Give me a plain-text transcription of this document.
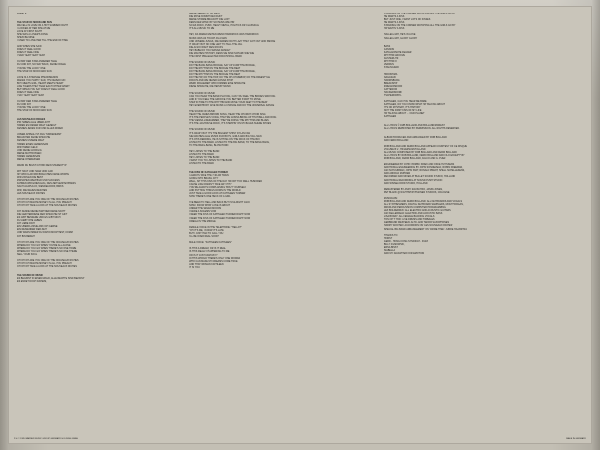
SIDE 2

THE STAR OF MOON AND SUN

WE FELL IN LOVE ON A HOT SUMMER NIGHT

I LOOKED AT HER SHE AT ME

LOVE AT FIRST SIGHT

SHE WAS A LOVER'S DOVE

SHE'D BE MINE

I USED TO LOVE HER TILL THE END OF TIME

AND WHEN SHE SAID

DOES IT FEEL GOOD

DOES IT FEEL FINE

I SAID YEAH YEAH YEAH

OU BAT DER STAR ANDERER TAGE

DU UND ICH, NO WAY BACK, KEINE FRAGE

YOU'RE THE LUCKY ONE

THE STAR OF MOON AND SUN

LOVE IS A STRANGE PHENOMENON

MAKES YOU HAPPY, SAD, IT'S NEVER FUN

BOY MEETS GIRL, HEART MEETS HEART

LIKE TIGERS THEY TEAR EACH OTHER APART

BUT WHEN YOU SAY DOES IT FEEL GOOD

DOES IT FEEL FINE

I SAY YEAH YEAH YEAH

OU BAT DER STAR ANDERER TAGE

DU UND ICH

YOU'RE THE LUCKY ONE

THE STAR OF MOON AND SUN

LES NOUVEAUX RICHES

IHR HABEN ALLE UBERLICHT

HABEN ES DIESER WELT GEZEIGT

KENNEN JEDES FUR UND ALLES WIDER

UNSER APPEAL IST ANG TURDENEDST

BRAUCHEN KEINE SPRACHE

KENNEN UNSERE WELT

HABEN EINEN GEMEINSAM

WIR HABEN GELD

UND DEINE GOODLIG

MEINE MATTROSSEN

HABEN GEMEINSAM

MEINE INTERESSEN

WENN DU BIGST ICH BIN DEIN STEREOTYP

WIT HAUT UND HAAR UND CAR

IST WIR KLAR WIR BRAUCHEN KEINE WORTE

WIR ZAHLEN DIE BEST

ZWISCHEN WELTBILD UND SUCCESS

FAHREN WIR EINEN EUG, DEN ZEITGEISTEXPRESS

NACH ACAPULCO, WENDELDORF, BIRKS

WIR, DIE NEUEN REICHEN

LES NOUVEAUX RICHES

OH OH OH ARE YOU ONE OF THE NOUVEAUX RICHES

OH OH ICH MACHE MONEY IS ALL YOU PREACH

OH OH OH TAKE A LOOK AT THE NOUVEAUX RICHES

ICH KENNE MEINE PARTNER DEINE NICHT

DIE GEINTERDIENE DER SPRACHE IST GIFT

ES GIBT BESSERE UND ES GIBT MICH

DU LIEBT OHE LEBEN

ICH LIEBE DICH

EIN UBERFLUSSIE AMK ICH GERNE

EIN REISENDER DER ZEIT

UND WANN IMMER DU DAHIN MOCHTEST, KOMM

ICH BIN BEREIT

OH OH OH ARE YOU ONE OF THE NOUVEAUX RICHES

WHERE DO YOU GO WHEN YOU'RE ALL ALONE

WHERE DO YOU GO WHEN THERE'S NO ONE HOME

WHERE DO YOU GO WHEN THERE'S NO ONE THERE

SELL YOUR SOUL

OH OH OH ARE YOU ONE OF THE NOUVEAUX RICHES

OH OH ICH MACHE MONEY IS ALL YOU PREACH

OH OH OH TAKE A LOOK AT THE NOUVEAUX RICHES

THE SOUND OF MUSIC

ES BEGINNT IN EINEM WALD, ALLE RECHTE SIND BEZAHLT

ES ENDET DOCH DAHEIM,

MEINE SEELE IST SO REIN

DIE ROSE KOMMT DEN DUFT

MEINE STIMME BRAUCHT DIE LUFT

DENN DER WIND IST SO HEISS WIE IHR

SO ES ROCK, PUNK, HEAVY METAL, POLITICS OR CLASSICAL

IT'S ALL MUSIC TO ME

HEY, DA WAREN ZEITEN WENN HARDROCK WAS HARDROCK

MUSIK WAS AS TOUCH AS A MAN

UND UNSERE JUNGS, DIE WAREN NICHT LAZY THEY GOT OUT AND SMOKE

IT CRAZY BUT NO ONE LEFT TO TELL THE JAIL

DIE ALSO FRIGIT DEN ROCKS

HEY BABE DO YOU WANNA DANCE?

DIE MACHEN HISTORY, DENN SIE SIND SCHARF WIE WIE

THE FIRST PRE-ELECTED ROCK'N'ROLL BAND

THE SOUND OF MUSIC

DO THE BANG BANG BOOGIE, SAY UP JUMP THE BOOGIE,

DO THE RHYTHM ON THE BOOGIE THE BEAT

DO THE BANG BANG BOOGIE, SAY UP JUMP THE BOOGIE,

DO THE RHYTHM ON THE BOOGIE THE BEAT

DO THE HIP, DO THE HOP, DO THE OH-OH-BEBOP, DO THE FREESTYLE

ROCK'N AND WE NEVER GONNA STOP

WERK FRAGEMEIT WIR KOMMEN EINE SPRACHE

DIESE SPRACHE, DIE HEISST MUSIK

THE SOUND OF MUSIK

CAN YOU HEAR THE BAND PLAYING, CAN YOU FEEL THE BODIES SWAYING

AND IF YOU FEEL THE GROOVE YOU BETTER START TO MOVE

STEP IN TIME TO THE RHYTHM AND MOVE YOUR FEET TO THE BEAT

HEY EVERYBODY GIVE MUSIK A CHANCE AND DO THE UNIVERSAL DANCE

THE SOUND OF MUSIK

HEAR THE JAMES BROWN SONG, HEAR THE CHURCH CHOIR SING

IT'S THE PEOPLE'S VOICE, THEY'RE GONNA BRING UP THAT BELL AND RING

THE VIENNA LIFEZAMMER, THEY'RE DOING THE RHYTHM AND BLUES

IT'S THE JAILHOUSE ROCK, IT'S STEPPIN' ON MY BLUES SUEDE SHOES

THE SOUND OF MUSIK

IT'S CRAZY BUT IT'S THE BIGGEST SHINY DYLAN FAN

SIE MACHEN ALLE MUSIK FUR BOYS, GIRLS AND BIG TALL MAN

IT'S OTIS REDDING, HE IS SITTING ON THE DOCK OF THE BAY

LISTEN TO THE BAND, LISTEN TO THE BIG BAND, TO THE BANG BANG,

TO THE BANG-BANG, BLOW HORN

HEY LISTEN TO THE BAND

LISTEN TO THE BAND

HEY LISTEN TO THE BAND

I WANT YOU TO LISTEN TO THE BAND

LISTEN TO THE BAND

THE KISS OF KATHLEEN TURNER

I ALWAYS TAKE THE 7.30 AM TRAIN

GOING INTO BRASIL CITY

WELL, IST THIS KISS OF THE DAY I'M NOT TOO WELL HUMORED

CAUSE LIFE DOESN'T TAKE ANY PITY

YOU'RE ALWAYS COMPLAINING 'BOUT YOURSELF

AND PUTTING THINGS DOWN IN THE WORLD

JUST TAKE A GOOD LOOK AT KATHLEEN TURNER

NOW THERE'S ONE HECK OF A GIRL

I'VE BEEN TO HELL AND BACK BUT I'M ALRIGHT JACK

NOW I KNOW WHAT LOVE IS ABOUT

UNDER THE SEVEN MOONS

I MADE A SOLEMN VOW

I NEED THE KISS OF KATHLEEN TURNER RIGHT NOW

I NEED THE KISS OF KATHLEEN TURNER RIGHT NOW

OMEGA IN THE MIDDLE

FEMALE VOICE IN THE TELEPHONE: "HELLO?"

"OH IT'S ME, I KNOW IT'S LATE

BUT I JUST HAD TO CALL YOU

I'LL BE OVER REAL SOON"

MALE VOICE: "KATHLEEN KATHLEEN"

IS THIS A DREAM, OR IS IT REAL

IS THIS REALLY HAPPENING TO ME

OR IS IT JUST FANTASY?

IN THIS WORLD THERE'S ONLY ONE WOMAN

WHO CAN MAKE MY DREAMS COME TRUE

AND THAT WOMAN KATHLEEN

IT IS YOU

STANDING ON THE CORNER WATCHING ALL THE GIRLS GO BY

HE WANTS A KISS

BUT JUST ONE, I WANT LOTS OF KISSES

HE WANTS A KISS

STANDING ON THE CORNER WATCHING ALL THE GIRLS GO BY

I'M WAITIN' A KISS

HALLELUJAH, HE'S IN LOVE

HALLELUJAH, GLORY GLORY

BASS

CANNON

KATALANISCHE FELDER

RHYTHM GROOVE

AUSTERLITZ

RHYTHM IX

VERDUN

STALINGRAD

HIROSHIMA

NAGASAKI

HARRISBURG

BREAKSPIP

ZWEIGNISDORF

CATTENOM

HACKERSDORF

TSCHERNOBYL

KATHLEEN, CAN YOU HEAR ME BABE

KATHLEEN, DO YOU KNOW WHAT I'M TALKING ABOUT

IT'S NO MYSTERY, IT'S HISTORY

NOT THE FIRST KISS OF MY LIFE

I'M TALKING ABOUT ... OUR PLANET

KATHLEEN

ALL LYRICS © 1985 BOLLAND AND BOLLAND/MCREST

ALL LYRICS REPRINTED BY PERMISSION. ALL RIGHTS RESERVED.

ALBUM PRODUCED AND ARRANGED BY ROB BOLLAND

AND FERDI BOLLAND

ROB BOLLAND AND FERDI BOLLAND APPEAR COURTESY OF CE DISQUE

VOLUME B.V., HILVERSUM-HOLLAND

ALL MUSIC COMPOSED BY ROB BOLLAND AND FERDI BOLLAND

ALL LYRICS BY ROB BOLLAND, FERDI BOLLAND AND FILO EXCEPT* BY

ROB BOLLAND, FERDI BOLLAND, FALCO AND G. PUEZ

ENGINEERED BY JOHN 'ZORBA' KRIEK AND OKKE HUYSSENS

ADDITIONAL ENGINEERING BY JOHN SONNEVELD, ROBIN FREEMAN,

JAN SCHUURMAN, JOHN SMIT, RONALD PRENT, SHELL SCHELLEKENS,

AND ARNOLD MUHREN

RECORDED AND MIXED AT BULLET SOUND STUDIO, HOLLAND

ADDITIONAL RECORDING AT SOUND PUSH STUDIO

AND WISSELOORD STUDIO, HOLLAND

REMASTERED BY ANDY RAUSCHKO, JASPA JONES,

PET BLANK @ NIGHTSHIFT/HANSEN STUDIOS, COLOGNE

MUSICIANS:

ROB BOLLAND AND FERDI BOLLAND: ALL KEYBOARDS AND VOCALS

ALL SYNTHESIZERS, DIGITAL KEYBOARD SAMPLERS, MOUTHORGAN,

DRUM AND PERCUSSION COMPUTER PROGRAMMING

LEX BOLDERDIJK: ALL ELECTRIC AND ACOUSTIC GUITARS

JAN KELLERFELD: ELECTRIC AND ACOUSTIC BASS

LISA BORAY: ALL FEMALE BACKING VOCALS

TON OP 'T HOF: LIVE DRUMS AND TIMBALES

GERBRAND WESTEEN: ALTO- AND TENOR SAXOPHONES

HARRY WOOTEN: ACCORDION ON 'LES NOUVEAUX RICHES'

SPECIAL BIG BAND ARRANGEMENT ON 'CRIME TIME': JURRE HAANSTRA

THANKS TO:

HORST

GERD - HONG KONG SYNDIKAT - FUZZ

BILLY FILMOWSKI,

ERNA BINST

ISABELLA

AND MY DAUGHTER FOR EMOTION

℗ & © 1985 WARNER MUSIC GROUP GERMANY HOLDING GMBH	MADE IN GERMANY
